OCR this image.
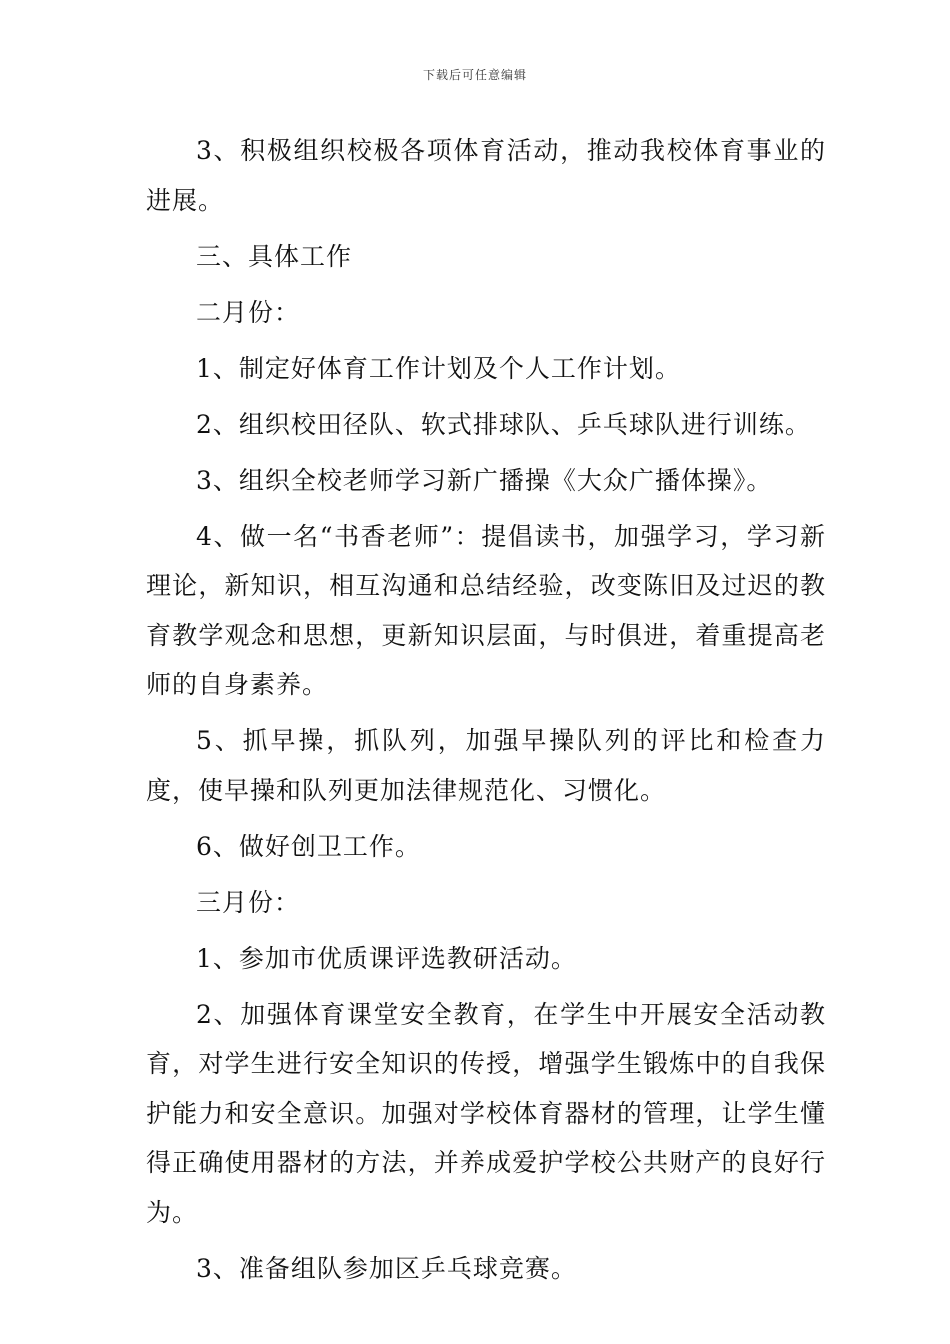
下载后可任意编辑

3、积极组织校极各项体育活动，推动我校体育事业的进展。

三、具体工作

二月份：

1、制定好体育工作计划及个人工作计划。

2、组织校田径队、软式排球队、乒乓球队进行训练。

3、组织全校老师学习新广播操《大众广播体操》。

4、做一名“书香老师”：提倡读书，加强学习，学习新理论，新知识，相互沟通和总结经验，改变陈旧及过迟的教育教学观念和思想，更新知识层面，与时俱进，着重提高老师的自身素养。

5、抓早操，抓队列，加强早操队列的评比和检查力度，使早操和队列更加法律规范化、习惯化。

6、做好创卫工作。

三月份：

1、参加市优质课评选教研活动。

2、加强体育课堂安全教育，在学生中开展安全活动教育，对学生进行安全知识的传授，增强学生锻炼中的自我保护能力和安全意识。加强对学校体育器材的管理，让学生懂得正确使用器材的方法，并养成爱护学校公共财产的良好行为。

3、准备组队参加区乒乓球竞赛。
